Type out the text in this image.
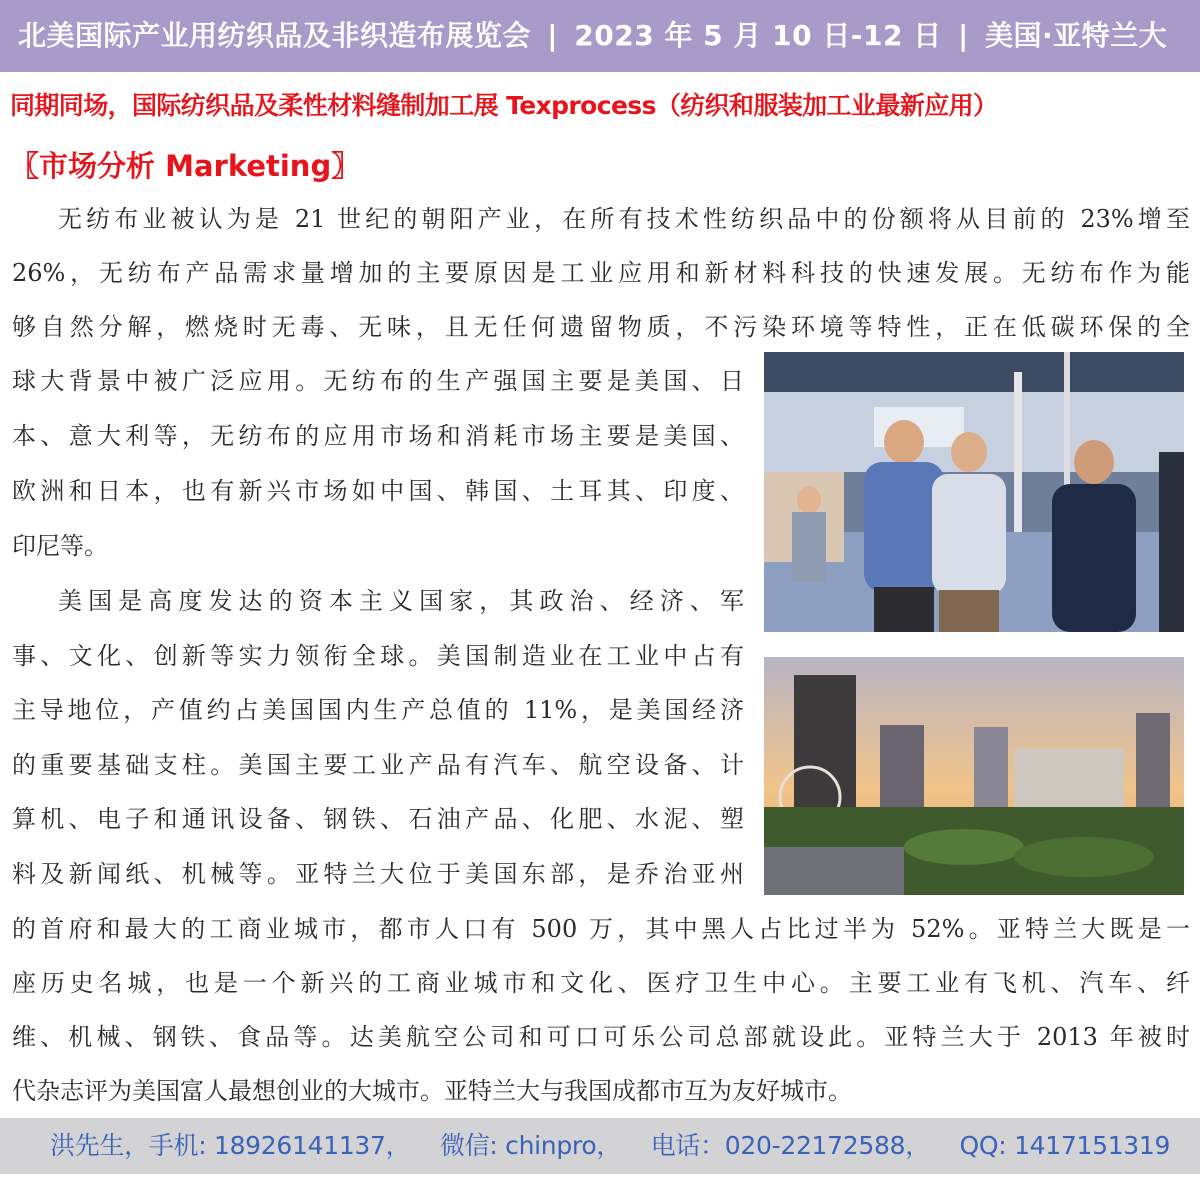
北美国际产业用纺织品及非织造布展览会 | 2023 年 5 月 10 日-12 日 | 美国·亚特兰大
同期同场，国际纺织品及柔性材料缝制加工展 Texprocess（纺织和服装加工业最新应用）
〖市场分析 Marketing〗
无纺布业被认为是 21 世纪的朝阳产业，在所有技术性纺织品中的份额将从目前的 23%增至
26%，无纺布产品需求量增加的主要原因是工业应用和新材料科技的快速发展。无纺布作为能
够自然分解，燃烧时无毒、无味，且无任何遗留物质，不污染环境等特性，正在低碳环保的全
球大背景中被广泛应用。无纺布的生产强国主要是美国、日
本、意大利等，无纺布的应用市场和消耗市场主要是美国、
欧洲和日本，也有新兴市场如中国、韩国、土耳其、印度、
印尼等。
美国是高度发达的资本主义国家，其政治、经济、军
事、文化、创新等实力领衔全球。美国制造业在工业中占有
主导地位，产值约占美国国内生产总值的 11%，是美国经济
的重要基础支柱。美国主要工业产品有汽车、航空设备、计
算机、电子和通讯设备、钢铁、石油产品、化肥、水泥、塑
料及新闻纸、机械等。亚特兰大位于美国东部，是乔治亚州
的首府和最大的工商业城市，都市人口有 500 万，其中黑人占比过半为 52%。亚特兰大既是一
座历史名城，也是一个新兴的工商业城市和文化、医疗卫生中心。主要工业有飞机、汽车、纤
维、机械、钢铁、食品等。达美航空公司和可口可乐公司总部就设此。亚特兰大于 2013 年被时
代杂志评为美国富人最想创业的大城市。亚特兰大与我国成都市互为友好城市。
洪先生，手机: 18926141137， 微信: chinpro， 电话：020-22172588， QQ: 1417151319
